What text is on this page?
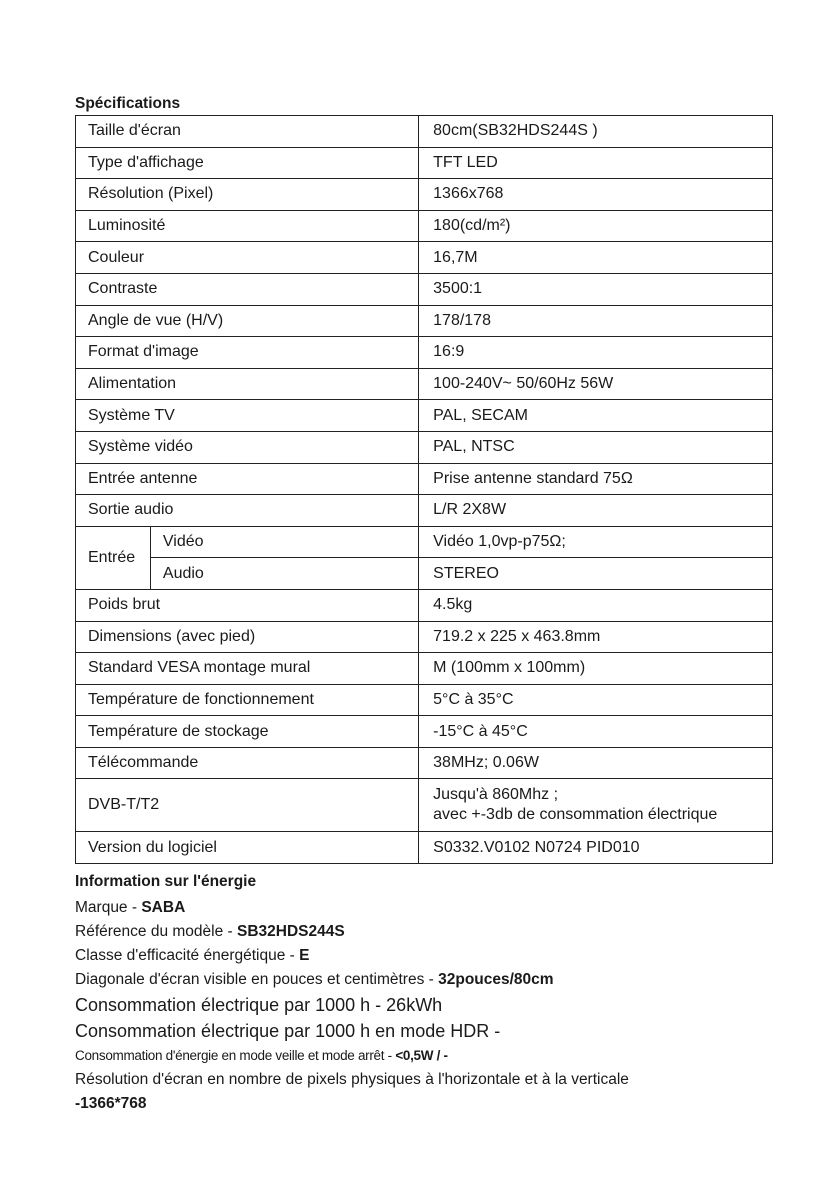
Spécifications
Taille d'écran		80cm(SB32HDS244S )
Type d'affichage		TFT LED
Résolution (Pixel)		1366x768
Luminosité		180(cd/m²)
Couleur		16,7M
Contraste		3500:1
Angle de vue (H/V)		178/178
Format d'image		16:9
Alimentation		100-240V~ 50/60Hz 56W
Système TV		PAL, SECAM
Système vidéo		PAL, NTSC
Entrée antenne		Prise antenne standard 75Ω
Sortie audio		L/R 2X8W
Entrée	Vidéo	Vidéo 1,0vp-p75Ω;
	Audio	STEREO
Poids brut		4.5kg
Dimensions (avec pied)		719.2 x 225 x 463.8mm
Standard VESA montage mural		M (100mm x 100mm)
Température de fonctionnement		5°C à 35°C
Température de stockage		-15°C à 45°C
Télécommande		38MHz; 0.06W
DVB-T/T2		Jusqu'à 860Mhz ;
avec +-3db de consommation électrique

Version du logiciel		S0332.V0102 N0724 PID010
Information sur l'énergie
Marque - SABA
Référence du modèle - SB32HDS244S
Classe d'efficacité énergétique - E
Diagonale d'écran visible en pouces et centimètres - 32pouces/80cm
Consommation électrique par 1000 h - 26kWh
Consommation électrique par 1000 h en mode HDR -
Consommation d'énergie en mode veille et mode arrêt - <0,5W / -
Résolution d'écran en nombre de pixels physiques à l'horizontale et à la verticale
-1366*768
